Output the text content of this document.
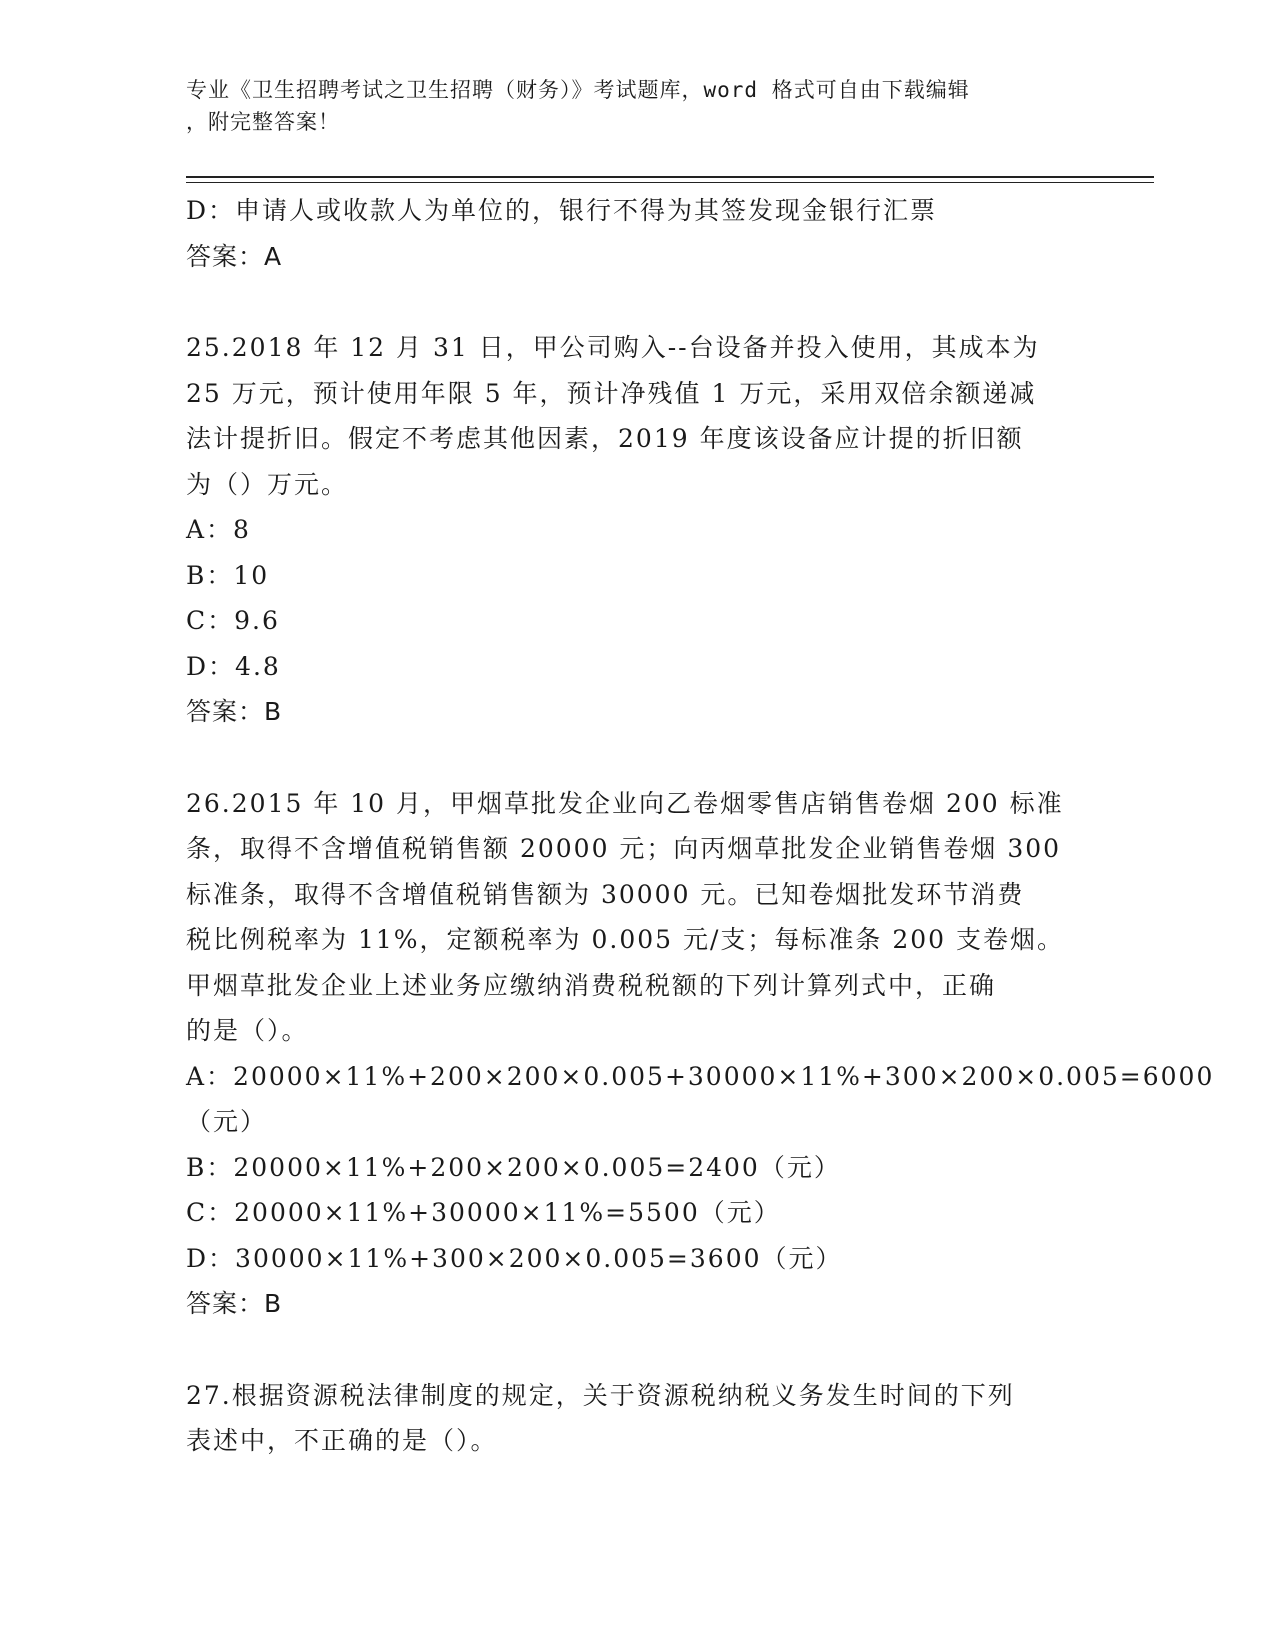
专业《卫生招聘考试之卫生招聘（财务）》考试题库，word 格式可自由下载编辑
，附完整答案！
D：申请人或收款人为单位的，银行不得为其签发现金银行汇票
答案：A
25.2018 年 12 月 31 日，甲公司购入--台设备并投入使用，其成本为
25 万元，预计使用年限 5 年，预计净残值 1 万元，采用双倍余额递减
法计提折旧。假定不考虑其他因素，2019 年度该设备应计提的折旧额
为（）万元。
A：8
B：10
C：9.6
D：4.8
答案：B
26.2015 年 10 月，甲烟草批发企业向乙卷烟零售店销售卷烟 200 标准
条，取得不含增值税销售额 20000 元；向丙烟草批发企业销售卷烟 300
标准条，取得不含增值税销售额为 30000 元。已知卷烟批发环节消费
税比例税率为 11%，定额税率为 0.005 元/支；每标准条 200 支卷烟。
甲烟草批发企业上述业务应缴纳消费税税额的下列计算列式中，正确
的是（）。
A：20000×11%+200×200×0.005+30000×11%+300×200×0.005=6000
（元）
B：20000×11%+200×200×0.005=2400（元）
C：20000×11%+30000×11%=5500（元）
D：30000×11%+300×200×0.005=3600（元）
答案：B
27.根据资源税法律制度的规定，关于资源税纳税义务发生时间的下列
表述中，不正确的是（）。
